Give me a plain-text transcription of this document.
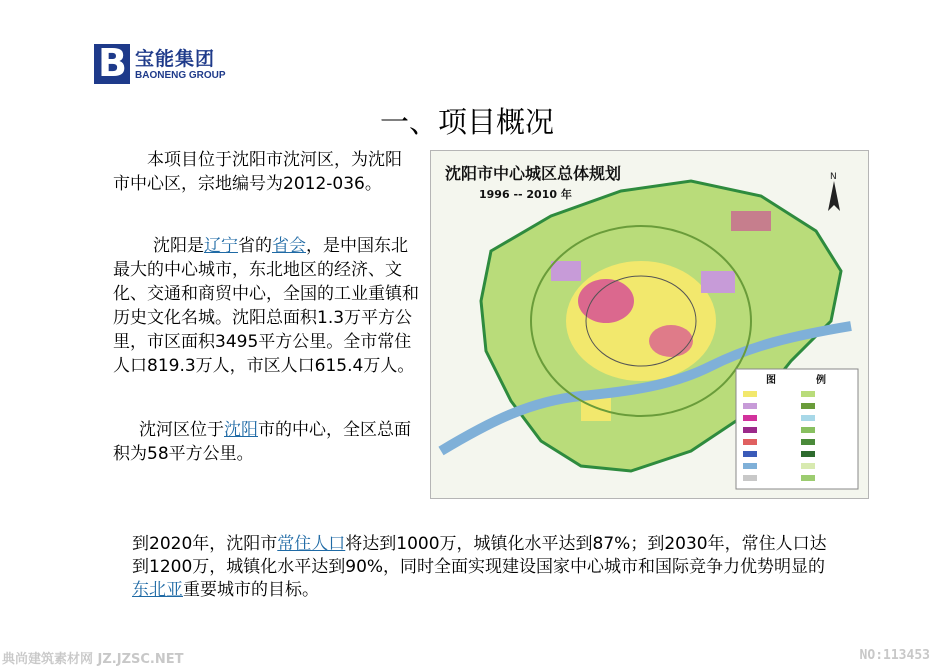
B 宝能集团
BAONENG GROUP
一、项目概况

本项目位于沈阳市沈河区，为沈阳市中心区，宗地编号为2012-036。

沈阳是辽宁省的省会，是中国东北最大的中心城市，东北地区的经济、文化、交通和商贸中心，全国的工业重镇和历史文化名城。沈阳总面积1.3万平方公里，市区面积3495平方公里。全市常住人口819.3万人，市区人口615.4万人。

沈河区位于沈阳市的中心，全区总面积为58平方公里。

沈阳市中心城区总体规划
1996 -- 2010 年
N
图	例

到2020年，沈阳市常住人口将达到1000万，城镇化水平达到87%；到2030年，常住人口达到1200万，城镇化水平达到90%，同时全面实现建设国家中心城市和国际竞争力优势明显的东北亚重要城市的目标。

典尚建筑素材网 JZ.JZSC.NET	NO:113453
